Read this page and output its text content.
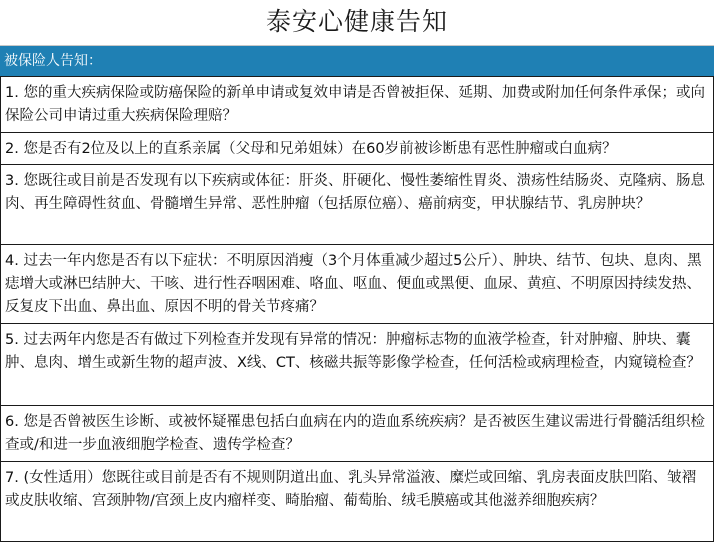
泰安心健康告知
被保险人告知：
1. 您的重大疾病保险或防癌保险的新单申请或复效申请是否曾被拒保、延期、加费或附加任何条件承保；或向保险公司申请过重大疾病保险理赔？
2. 您是否有2位及以上的直系亲属（父母和兄弟姐妹）在60岁前被诊断患有恶性肿瘤或白血病？
3. 您既往或目前是否发现有以下疾病或体征：肝炎、肝硬化、慢性萎缩性胃炎、溃疡性结肠炎、克隆病、肠息肉、再生障碍性贫血、骨髓增生异常、恶性肿瘤（包括原位癌）、癌前病变，甲状腺结节、乳房肿块？
4. 过去一年内您是否有以下症状：不明原因消瘦（3个月体重减少超过5公斤）、肿块、结节、包块、息肉、黑痣增大或淋巴结肿大、干咳、进行性吞咽困难、咯血、呕血、便血或黑便、血尿、黄疸、不明原因持续发热、反复皮下出血、鼻出血、原因不明的骨关节疼痛？
5. 过去两年内您是否有做过下列检查并发现有异常的情况：肿瘤标志物的血液学检查，针对肿瘤、肿块、囊肿、息肉、增生或新生物的超声波、X线、CT、核磁共振等影像学检查，任何活检或病理检查，内窥镜检查？
6. 您是否曾被医生诊断、或被怀疑罹患包括白血病在内的造血系统疾病？是否被医生建议需进行骨髓活组织检查或/和进一步血液细胞学检查、遗传学检查？
7. (女性适用）您既往或目前是否有不规则阴道出血、乳头异常溢液、糜烂或回缩、乳房表面皮肤凹陷、皱褶或皮肤收缩、宫颈肿物/宫颈上皮内瘤样变、畸胎瘤、葡萄胎、绒毛膜癌或其他滋养细胞疾病？
